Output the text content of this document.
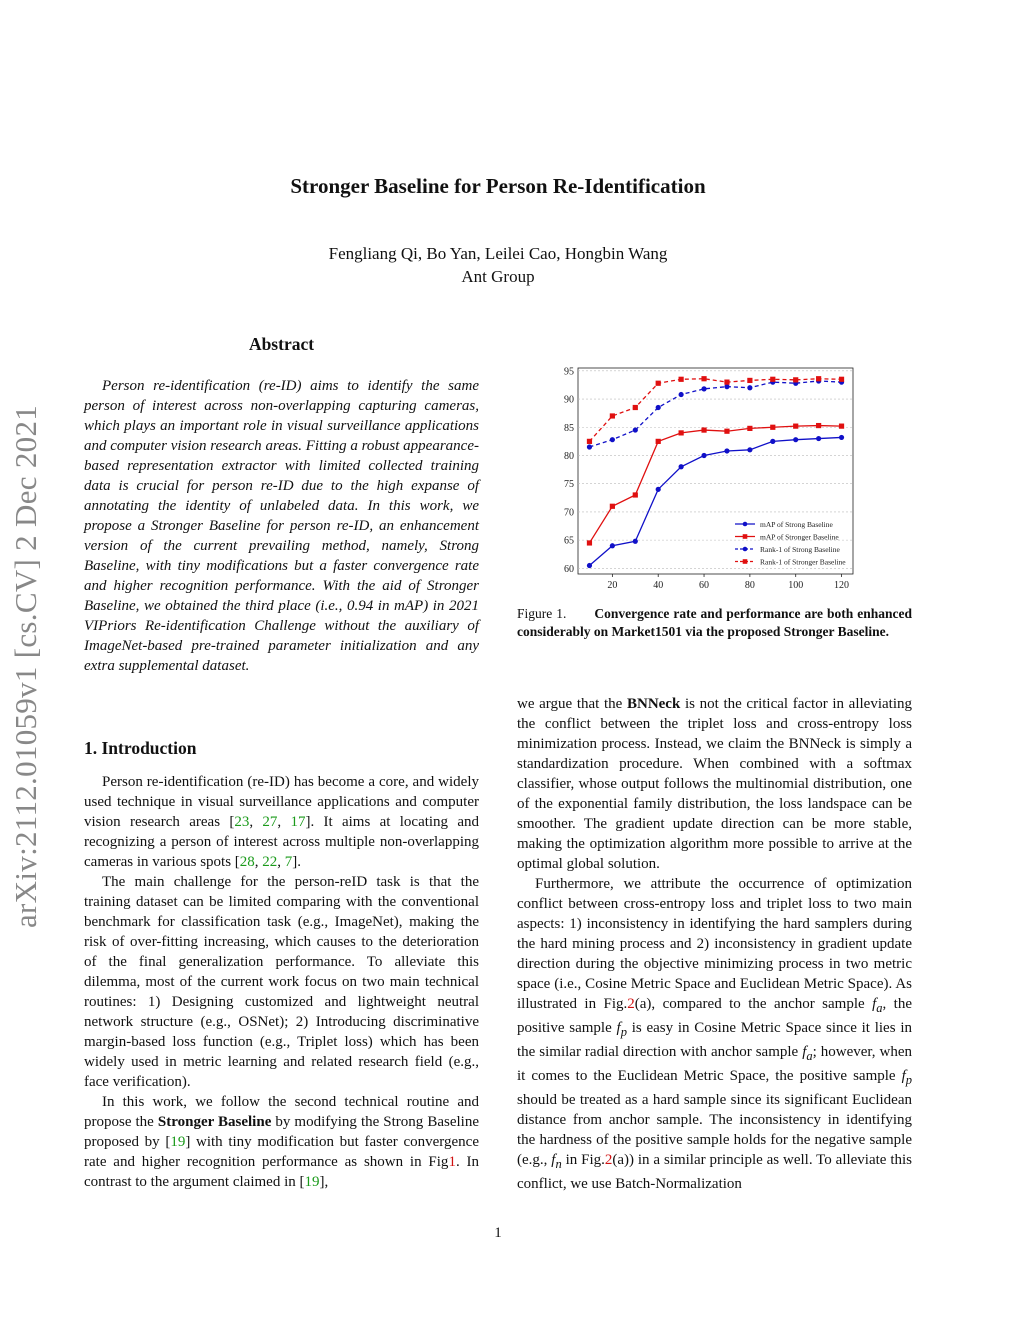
Stronger Baseline for Person Re-Identification
Fengliang Qi, Bo Yan, Leilei Cao, Hongbin Wang
Ant Group
arXiv:2112.01059v1 [cs.CV] 2 Dec 2021
Abstract

Person re-identification (re-ID) aims to identify the same person of interest across non-overlapping capturing cameras, which plays an important role in visual surveillance applications and computer vision research areas. Fitting a robust appearance-based representation extractor with limited collected training data is crucial for person re-ID due to the high expanse of annotating the identity of unlabeled data. In this work, we propose a Stronger Baseline for person re-ID, an enhancement version of the current prevailing method, namely, Strong Baseline, with tiny modifications but a faster convergence rate and higher recognition performance. With the aid of Stronger Baseline, we obtained the third place (i.e., 0.94 in mAP) in 2021 VIPriors Re-identification Challenge without the auxiliary of ImageNet-based pre-trained parameter initialization and any extra supplemental dataset.

1. Introduction

Person re-identification (re-ID) has become a core, and widely used technique in visual surveillance applications and computer vision research areas [23, 27, 17]. It aims at locating and recognizing a person of interest across multiple non-overlapping cameras in various spots [28, 22, 7].

The main challenge for the person-reID task is that the training dataset can be limited comparing with the conventional benchmark for classification task (e.g., ImageNet), making the risk of over-fitting increasing, which causes to the deterioration of the final generalization performance. To alleviate this dilemma, most of the current work focus on two main technical routines: 1) Designing customized and lightweight neutral network structure (e.g., OSNet); 2) Introducing discriminative margin-based loss function (e.g., Triplet loss) which has been widely used in metric learning and related research field (e.g., face verification).

In this work, we follow the second technical routine and propose the Stronger Baseline by modifying the Strong Baseline proposed by [19] with tiny modification but faster convergence rate and higher recognition performance as shown in Fig1. In contrast to the argument claimed in [19],

60
65
70
75
80
85
90
95
20	40	60	80	100	120
mAP of Strong Baseline
mAP of Stronger Baseline
Rank-1 of Strong Baseline
Rank-1 of Stronger Baseline
Figure 1. Convergence rate and performance are both enhanced considerably on Market1501 via the proposed Stronger Baseline.

we argue that the BNNeck is not the critical factor in alleviating the conflict between the triplet loss and cross-entropy loss minimization process. Instead, we claim the BNNeck is simply a standardization procedure. When combined with a softmax classifier, whose output follows the multinomial distribution, one of the exponential family distribution, the loss landspace can be smoother. The gradient update direction can be more stable, making the optimization algorithm more possible to arrive at the optimal global solution.

Furthermore, we attribute the occurrence of optimization conflict between cross-entropy loss and triplet loss to two main aspects: 1) inconsistency in identifying the hard samplers during the hard mining process and 2) inconsistency in gradient update direction during the objective minimizing process in two metric space (i.e., Cosine Metric Space and Euclidean Metric Space). As illustrated in Fig.2(a), compared to the anchor sample $f_a$, the positive sample $f_p$ is easy in Cosine Metric Space since it lies in the similar radial direction with anchor sample $f_a$; however, when it comes to the Euclidean Metric Space, the positive sample $f_p$ should be treated as a hard sample since its significant Euclidean distance from anchor sample. The inconsistency in identifying the hardness of the positive sample holds for the negative sample (e.g., $f_n$ in Fig.2(a)) in a similar principle as well. To alleviate this conflict, we use Batch-Normalization

1
